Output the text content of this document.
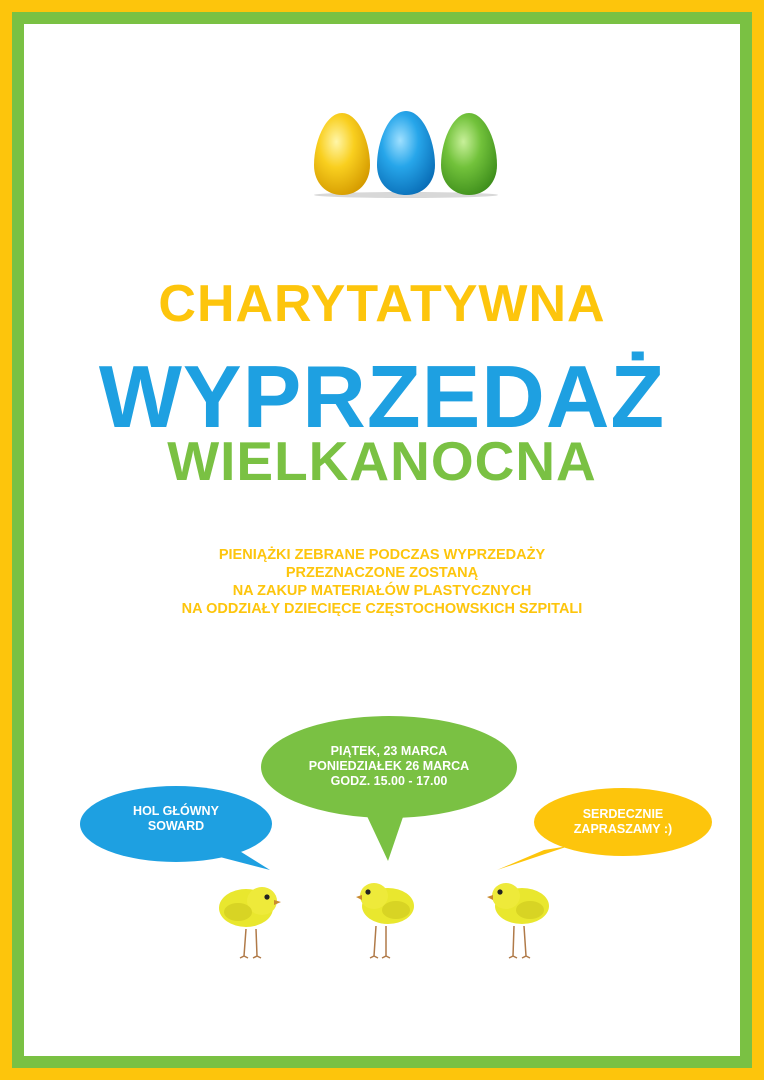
CHARYTATYWNA
WYPRZEDAŻ
WIELKANOCNA
PIENIĄŻKI ZEBRANE PODCZAS WYPRZEDAŻY
PRZEZNACZONE ZOSTANĄ
NA ZAKUP MATERIAŁÓW PLASTYCZNYCH
NA ODDZIAŁY DZIECIĘCE CZĘSTOCHOWSKICH SZPITALI
HOL GŁÓWNY
SOWARD
PIĄTEK, 23 MARCA
PONIEDZIAŁEK 26 MARCA
GODZ. 15.00 - 17.00
SERDECZNIE
ZAPRASZAMY :)
